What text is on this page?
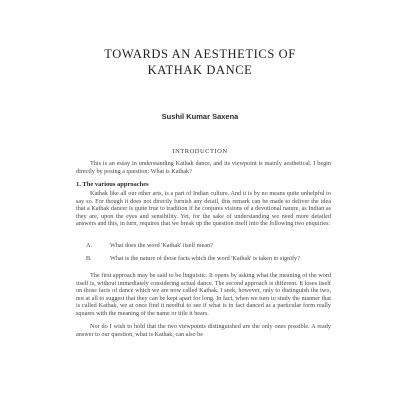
TOWARDS AN AESTHETICS OF
KATHAK DANCE
Sushil Kumar Saxena
INTRODUCTION

This is an essay in understanding Kathak dance, and its viewpoint is mainly aesthetical. I begin directly by posing a question: What is Kathak?

1. The various approaches

Kathak like all our other arts, is a part of Indian culture. And it is by no means quite unhelpful to say so. For though it does not directly furnish any detail, this remark can be made to deliver the idea that a Kathak dancer is quite true to tradition if he conjures visions of a devotional nature, as Indian as they are, upon the eyes and sensibility. Yet, for the sake of understanding we need more detailed answers and this, in turn, requires that we break up the question itself into the following two enquiries:

A.	What does the word 'Kathak' itself mean?
B.	What is the nature of those facts which the word 'Kathak' is taken to signify?

The first approach may be said to be linguistic. It opens by asking what the meaning of the word itself is, without immediately considering actual dance. The second approach is different. It loses itself on those facts of dance which we are now called Kathak. I seek, however, only to distinguish the two, not at all to suggest that they can be kept apart for long. In fact, when we turn to study the manner that is called Kathak, we at once find it needful to see if what is in fact danced as a particular form really squares with the meaning of the name or title it bears.

Nor do I wish to hold that the two viewpoints distinguished are the only ones possible. A ready answer to our question, what is Kathak, can also be
